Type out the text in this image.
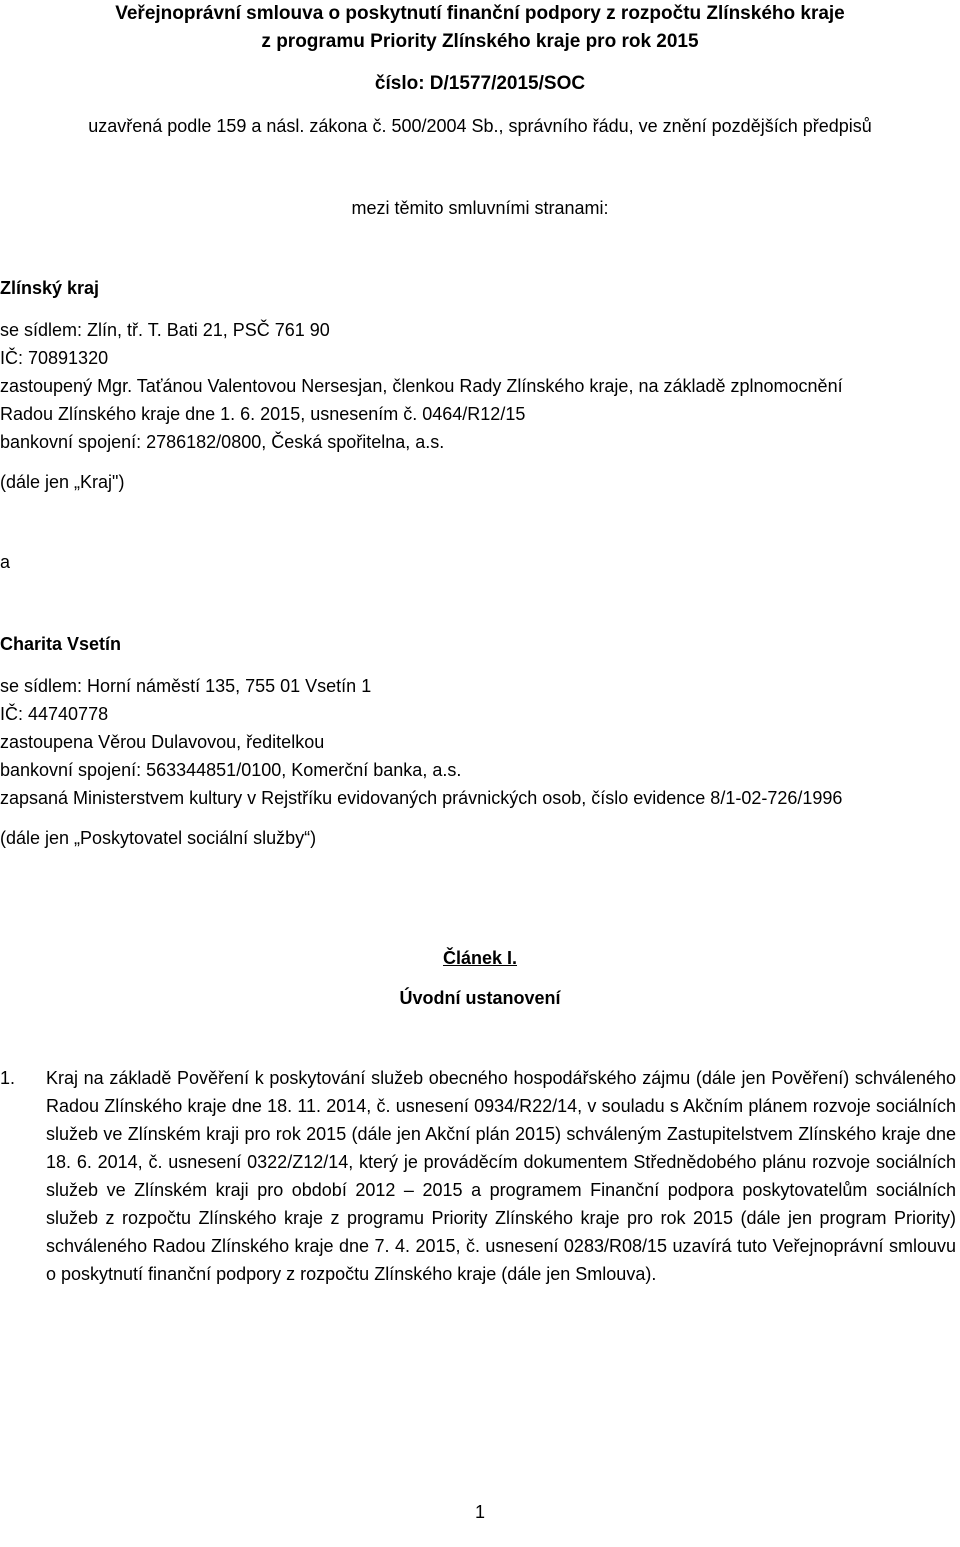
Veřejnoprávní smlouva o poskytnutí finanční podpory z rozpočtu Zlínského kraje
z programu Priority Zlínského kraje pro rok 2015
číslo: D/1577/2015/SOC
uzavřená podle 159 a násl. zákona č. 500/2004 Sb., správního řádu, ve znění pozdějších předpisů
mezi těmito smluvními stranami:
Zlínský kraj
se sídlem: Zlín, tř. T. Bati 21, PSČ 761 90
IČ: 70891320
zastoupený Mgr. Taťánou Valentovou Nersesjan, členkou Rady Zlínského kraje, na základě zplnomocnění
Radou Zlínského kraje dne 1. 6. 2015, usnesením č. 0464/R12/15
bankovní spojení: 2786182/0800, Česká spořitelna, a.s.
(dále jen „Kraj")
a
Charita Vsetín
se sídlem: Horní náměstí 135, 755 01 Vsetín 1
IČ: 44740778
zastoupena Věrou Dulavovou, ředitelkou
bankovní spojení: 563344851/0100, Komerční banka, a.s.
zapsaná Ministerstvem kultury v Rejstříku evidovaných právnických osob, číslo evidence 8/1-02-726/1996
(dále jen „Poskytovatel sociální služby“)
Článek I.
Úvodní ustanovení
1. Kraj na základě Pověření k poskytování služeb obecného hospodářského zájmu (dále jen Pověření) schváleného Radou Zlínského kraje dne 18. 11. 2014, č. usnesení 0934/R22/14, v souladu s Akčním plánem rozvoje sociálních služeb ve Zlínském kraji pro rok 2015 (dále jen Akční plán 2015) schváleným Zastupitelstvem Zlínského kraje dne 18. 6. 2014, č. usnesení 0322/Z12/14, který je prováděcím dokumentem Střednědobého plánu rozvoje sociálních služeb ve Zlínském kraji pro období 2012 – 2015 a programem Finanční podpora poskytovatelům sociálních služeb z rozpočtu Zlínského kraje z programu Priority Zlínského kraje pro rok 2015 (dále jen program Priority) schváleného Radou Zlínského kraje dne 7. 4. 2015, č. usnesení 0283/R08/15 uzavírá tuto Veřejnoprávní smlouvu o poskytnutí finanční podpory z rozpočtu Zlínského kraje (dále jen Smlouva).
1
